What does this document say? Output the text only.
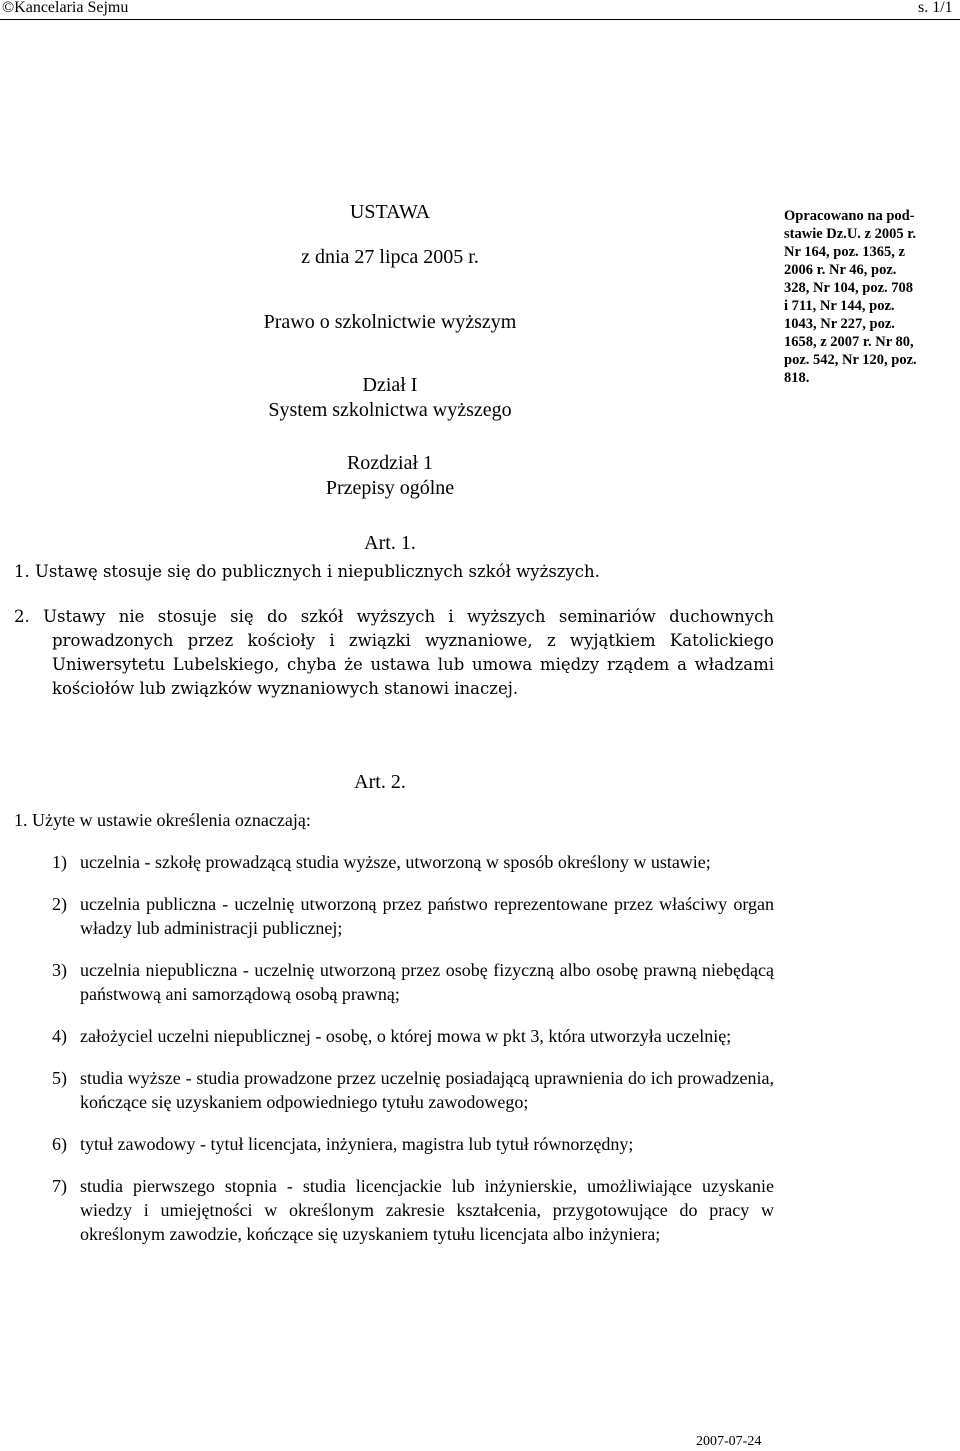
©Kancelaria Sejmu	s. 1/1
USTAWA
z dnia 27 lipca 2005 r.
Prawo o szkolnictwie wyższym
Dział I
System szkolnictwa wyższego
Rozdział 1
Przepisy ogólne
Opracowano na pod-
stawie Dz.U. z 2005 r.
Nr 164, poz. 1365, z
2006 r. Nr 46, poz.
328, Nr 104, poz. 708
i 711, Nr 144, poz.
1043, Nr 227, poz.
1658, z 2007 r. Nr 80,
poz. 542, Nr 120, poz.
818.
Art. 1.
1. Ustawę stosuje się do publicznych i niepublicznych szkół wyższych.
2. Ustawy nie stosuje się do szkół wyższych i wyższych seminariów duchownych prowadzonych przez kościoły i związki wyznaniowe, z wyjątkiem Katolickiego Uniwersytetu Lubelskiego, chyba że ustawa lub umowa między rządem a władzami kościołów lub związków wyznaniowych stanowi inaczej.
Art. 2.
1. Użyte w ustawie określenia oznaczają:
1) uczelnia - szkołę prowadzącą studia wyższe, utworzoną w sposób określony w ustawie;
2) uczelnia publiczna - uczelnię utworzoną przez państwo reprezentowane przez właściwy organ władzy lub administracji publicznej;
3) uczelnia niepubliczna - uczelnię utworzoną przez osobę fizyczną albo osobę prawną niebędącą państwową ani samorządową osobą prawną;
4) założyciel uczelni niepublicznej - osobę, o której mowa w pkt 3, która utworzyła uczelnię;
5) studia wyższe - studia prowadzone przez uczelnię posiadającą uprawnienia do ich prowadzenia, kończące się uzyskaniem odpowiedniego tytułu zawodowego;
6) tytuł zawodowy - tytuł licencjata, inżyniera, magistra lub tytuł równorzędny;
7) studia pierwszego stopnia - studia licencjackie lub inżynierskie, umożliwiające uzyskanie wiedzy i umiejętności w określonym zakresie kształcenia, przygotowujące do pracy w określonym zawodzie, kończące się uzyskaniem tytułu licencjata albo inżyniera;
2007-07-24
